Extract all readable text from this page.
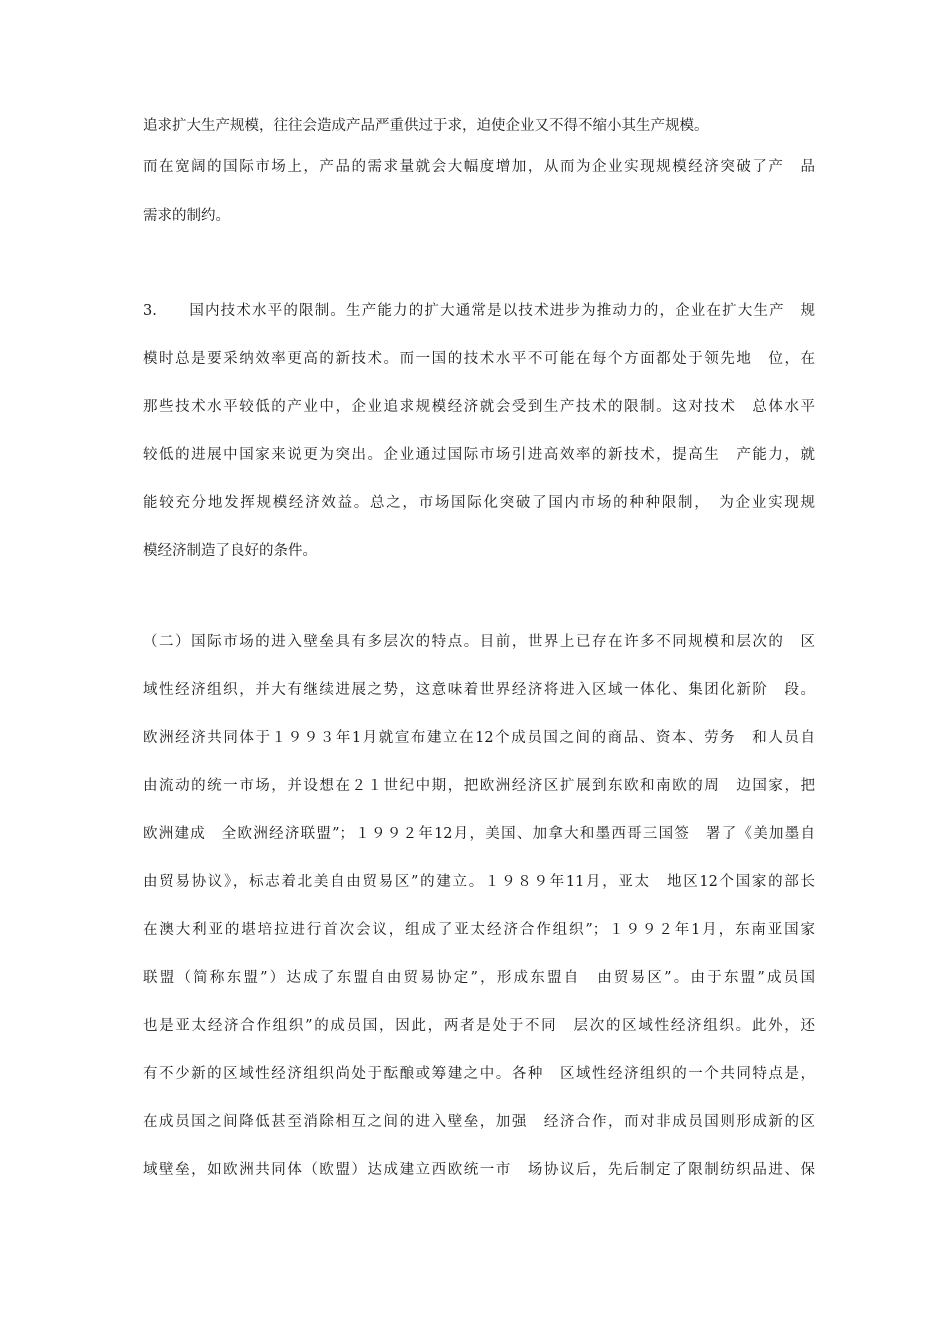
追求扩大生产规模，往往会造成产品严重供过于求，迫使企业又不得不缩小其生产规模。
而在宽阔的国际市场上，产品的需求量就会大幅度增加，从而为企业实现规模经济突破了产　品
需求的制约。
3.　　国内技术水平的限制。生产能力的扩大通常是以技术进步为推动力的，企业在扩大生产　规
模时总是要采纳效率更高的新技术。而一国的技术水平不可能在每个方面都处于领先地　位，在
那些技术水平较低的产业中，企业追求规模经济就会受到生产技术的限制。这对技术　总体水平
较低的进展中国家来说更为突出。企业通过国际市场引进高效率的新技术，提高生　产能力，就
能较充分地发挥规模经济效益。总之，市场国际化突破了国内市场的种种限制，　为企业实现规
模经济制造了良好的条件。
（二）国际市场的进入壁垒具有多层次的特点。目前，世界上已存在许多不同规模和层次的　区
域性经济组织，并大有继续进展之势，这意味着世界经济将进入区域一体化、集团化新阶　段。
欧洲经济共同体于１９９３年1月就宣布建立在12个成员国之间的商品、资本、劳务　和人员自
由流动的统一市场，并设想在２１世纪中期，把欧洲经济区扩展到东欧和南欧的周　边国家，把
欧洲建成　全欧洲经济联盟”；１９９２年12月，美国、加拿大和墨西哥三国签　署了《美加墨自
由贸易协议》，标志着北美自由贸易区”的建立。１９８９年11月，亚太　地区12个国家的部长
在澳大利亚的堪培拉进行首次会议，组成了亚太经济合作组织”；１９９２年1月，东南亚国家
联盟（简称东盟”）达成了东盟自由贸易协定”，形成东盟自　由贸易区”。由于东盟”成员国
也是亚太经济合作组织”的成员国，因此，两者是处于不同　层次的区域性经济组织。此外，还
有不少新的区域性经济组织尚处于酝酿或筹建之中。各种　区域性经济组织的一个共同特点是，
在成员国之间降低甚至消除相互之间的进入壁垒，加强　经济合作，而对非成员国则形成新的区
域壁垒，如欧洲共同体（欧盟）达成建立西欧统一市　场协议后，先后制定了限制纺织品进、保
